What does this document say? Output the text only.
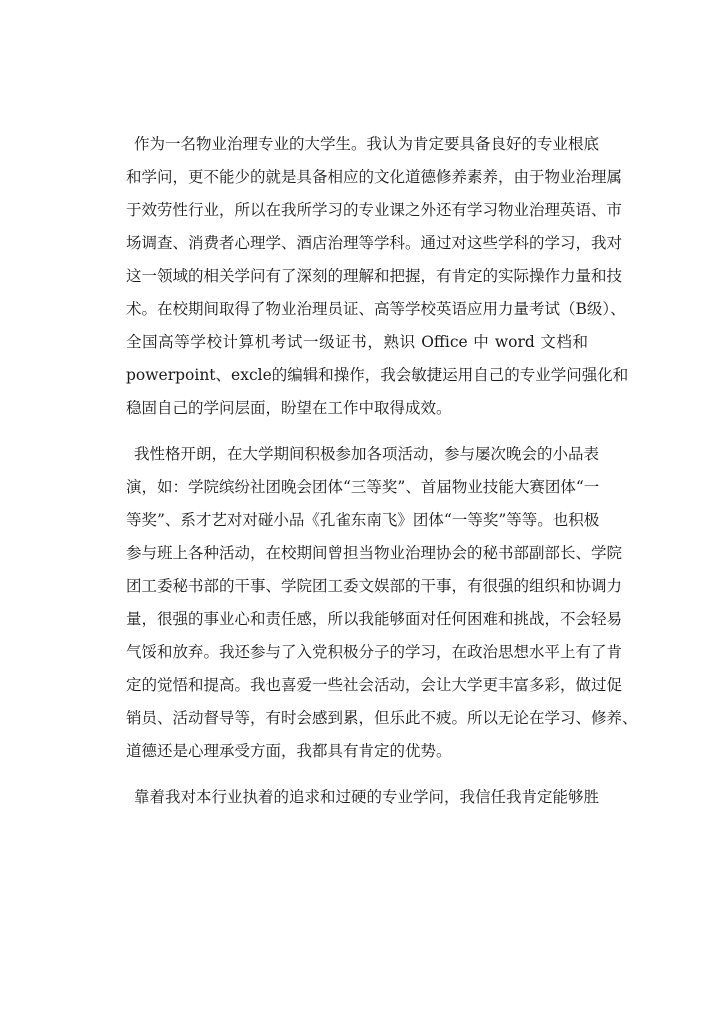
作为一名物业治理专业的大学生。我认为肯定要具备良好的专业根底
和学问，更不能少的就是具备相应的文化道德修养素养，由于物业治理属
于效劳性行业，所以在我所学习的专业课之外还有学习物业治理英语、市
场调查、消费者心理学、酒店治理等学科。通过对这些学科的学习，我对
这一领域的相关学问有了深刻的理解和把握，有肯定的实际操作力量和技
术。在校期间取得了物业治理员证、高等学校英语应用力量考试（B级）、
全国高等学校计算机考试一级证书，熟识 Office 中 word 文档和
powerpoint、excle的编辑和操作，我会敏捷运用自己的专业学问强化和
稳固自己的学问层面，盼望在工作中取得成效。
我性格开朗，在大学期间积极参加各项活动，参与屡次晚会的小品表
演，如：学院缤纷社团晚会团体“三等奖”、首届物业技能大赛团体“一
等奖”、系才艺对对碰小品《孔雀东南飞》团体“一等奖”等等。也积极
参与班上各种活动，在校期间曾担当物业治理协会的秘书部副部长、学院
团工委秘书部的干事、学院团工委文娱部的干事，有很强的组织和协调力
量，很强的事业心和责任感，所以我能够面对任何困难和挑战，不会轻易
气馁和放弃。我还参与了入党积极分子的学习，在政治思想水平上有了肯
定的觉悟和提高。我也喜爱一些社会活动，会让大学更丰富多彩，做过促
销员、活动督导等，有时会感到累，但乐此不疲。所以无论在学习、修养、
道德还是心理承受方面，我都具有肯定的优势。
靠着我对本行业执着的追求和过硬的专业学问，我信任我肯定能够胜
